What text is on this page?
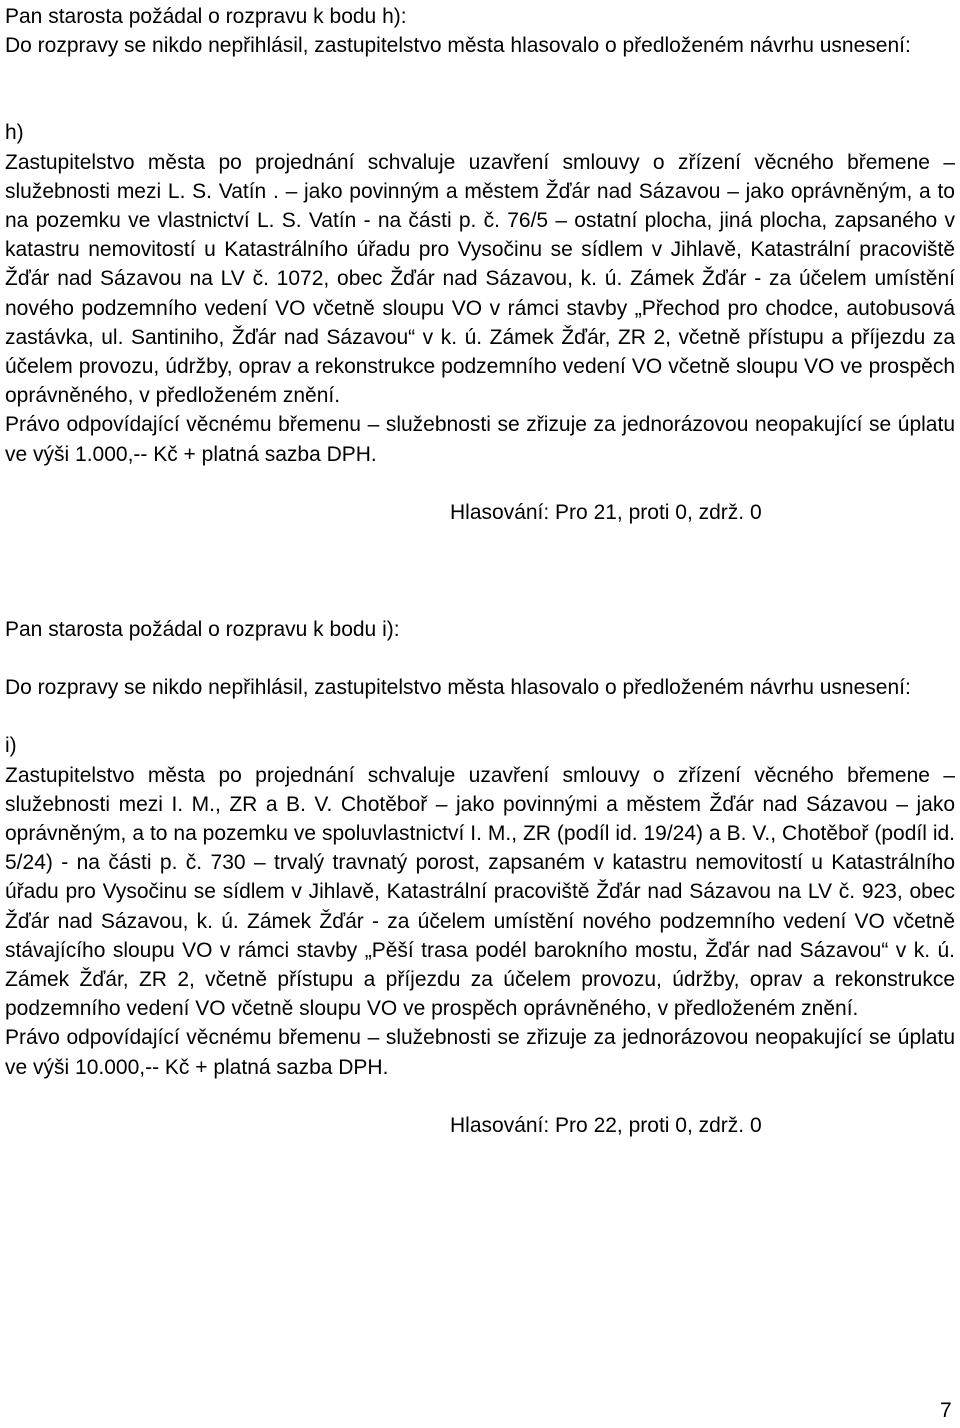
Pan starosta požádal o rozpravu k bodu h):

Do rozpravy se nikdo nepřihlásil, zastupitelstvo města hlasovalo o předloženém návrhu usnesení:

h)

Zastupitelstvo města po projednání schvaluje uzavření smlouvy o zřízení věcného břemene – služebnosti mezi L. S. Vatín . – jako povinným a městem Žďár nad Sázavou – jako oprávněným, a to na pozemku ve vlastnictví L. S. Vatín - na části p. č. 76/5 – ostatní plocha, jiná plocha, zapsaného v katastru nemovitostí u Katastrálního úřadu pro Vysočinu se sídlem v Jihlavě, Katastrální pracoviště Žďár nad Sázavou na LV č. 1072, obec Žďár nad Sázavou, k. ú. Zámek Žďár - za účelem umístění nového podzemního vedení VO včetně sloupu VO v rámci stavby „Přechod pro chodce, autobusová zastávka, ul. Santiniho, Žďár nad Sázavou“ v k. ú. Zámek Žďár, ZR 2, včetně přístupu a příjezdu za účelem provozu, údržby, oprav a rekonstrukce podzemního vedení VO včetně sloupu VO ve prospěch oprávněného, v předloženém znění.

Právo odpovídající věcnému břemenu – služebnosti se zřizuje za jednorázovou neopakující se úplatu ve výši 1.000,-- Kč + platná sazba DPH.

Hlasování: Pro 21, proti 0, zdrž. 0

Pan starosta požádal o rozpravu k bodu i):

Do rozpravy se nikdo nepřihlásil, zastupitelstvo města hlasovalo o předloženém návrhu usnesení:

i)

Zastupitelstvo města po projednání schvaluje uzavření smlouvy o zřízení věcného břemene – služebnosti mezi I. M., ZR a B. V. Chotěboř – jako povinnými a městem Žďár nad Sázavou – jako oprávněným, a to na pozemku ve spoluvlastnictví I. M., ZR (podíl id. 19/24) a B. V., Chotěboř (podíl id. 5/24) - na části p. č. 730 – trvalý travnatý porost, zapsaném v katastru nemovitostí u Katastrálního úřadu pro Vysočinu se sídlem v Jihlavě, Katastrální pracoviště Žďár nad Sázavou na LV č. 923, obec Žďár nad Sázavou, k. ú. Zámek Žďár - za účelem umístění nového podzemního vedení VO včetně stávajícího sloupu VO v rámci stavby „Pěší trasa podél barokního mostu, Žďár nad Sázavou“ v k. ú. Zámek Žďár, ZR 2, včetně přístupu a příjezdu za účelem provozu, údržby, oprav a rekonstrukce podzemního vedení VO včetně sloupu VO ve prospěch oprávněného, v předloženém znění.

Právo odpovídající věcnému břemenu – služebnosti se zřizuje za jednorázovou neopakující se úplatu ve výši 10.000,-- Kč + platná sazba DPH.

Hlasování: Pro 22, proti 0, zdrž. 0

7
